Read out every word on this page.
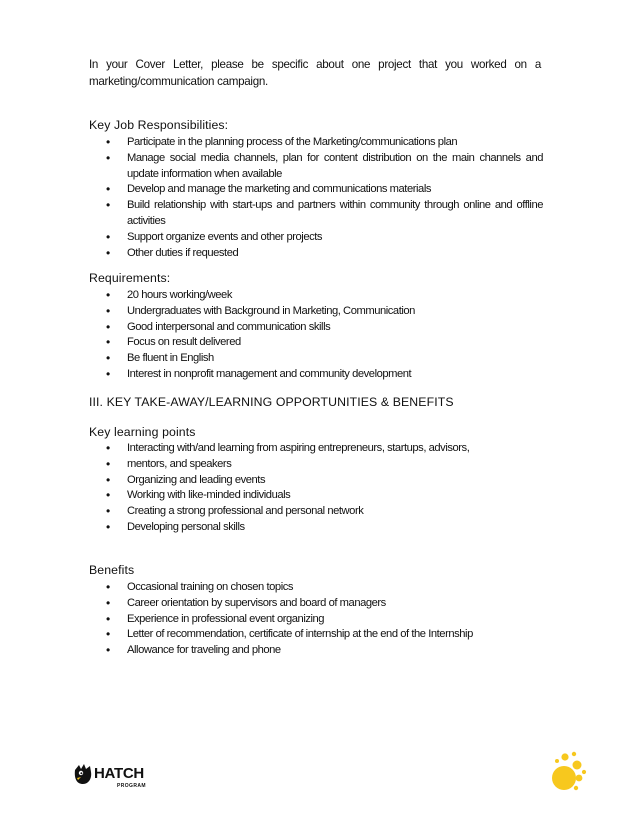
In your Cover Letter, please be specific about one project that you worked on a marketing/communication campaign.
Key Job Responsibilities:
• Participate in the planning process of the Marketing/communications plan
• Manage social media channels, plan for content distribution on the main channels and update information when available
• Develop and manage the marketing and communications materials
• Build relationship with start-ups and partners within community through online and offline activities
• Support organize events and other projects
• Other duties if requested
Requirements:
• 20 hours working/week
• Undergraduates with Background in Marketing, Communication
• Good interpersonal and communication skills
• Focus on result delivered
• Be fluent in English
• Interest in nonprofit management and community development
III. KEY TAKE-AWAY/LEARNING OPPORTUNITIES & BENEFITS
Key learning points
• Interacting with/and learning from aspiring entrepreneurs, startups, advisors,
• mentors, and speakers
• Organizing and leading events
• Working with like-minded individuals
• Creating a strong professional and personal network
• Developing personal skills
Benefits
• Occasional training on chosen topics
• Career orientation by supervisors and board of managers
• Experience in professional event organizing
• Letter of recommendation, certificate of internship at the end of the Internship
• Allowance for traveling and phone
HATCH
PROGRAM
